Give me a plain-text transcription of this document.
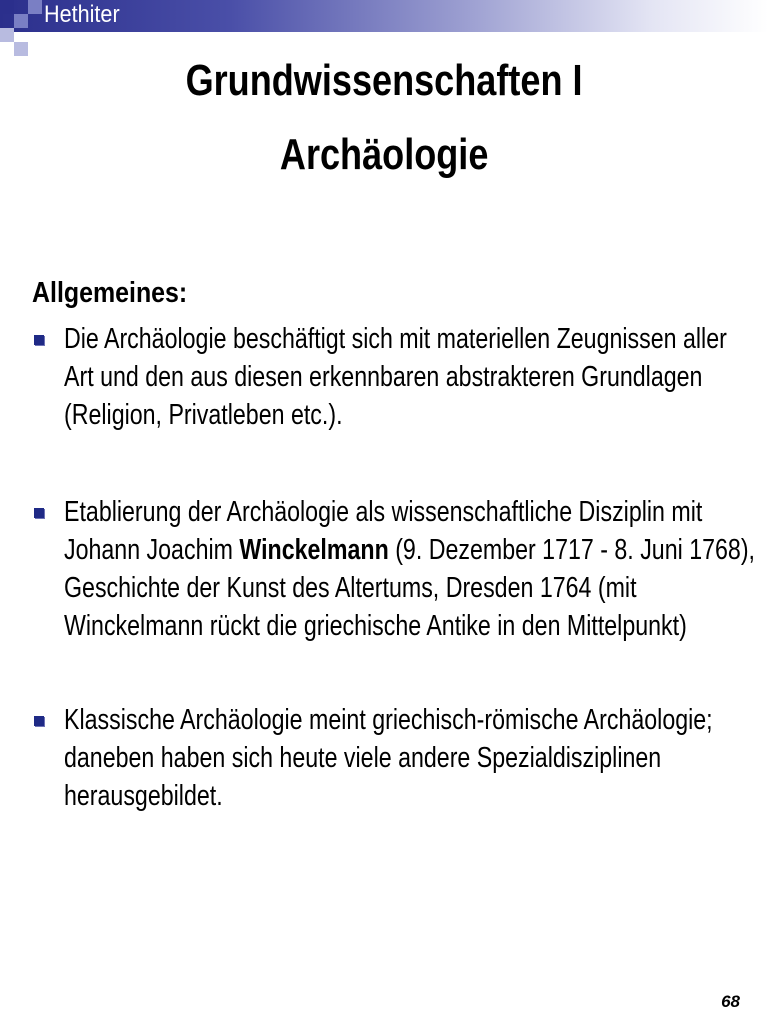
Hethiter
Grundwissenschaften I
Archäologie
Allgemeines:
Die Archäologie beschäftigt sich mit materiellen Zeugnissen aller
Art und den aus diesen erkennbaren abstrakteren Grundlagen
(Religion, Privatleben etc.).
Etablierung der Archäologie als wissenschaftliche Disziplin mit
Johann Joachim Winckelmann (9. Dezember 1717 - 8. Juni 1768),
Geschichte der Kunst des Altertums, Dresden 1764 (mit
Winckelmann rückt die griechische Antike in den Mittelpunkt)
Klassische Archäologie meint griechisch-römische Archäologie;
daneben haben sich heute viele andere Spezialdisziplinen
herausgebildet.
68
